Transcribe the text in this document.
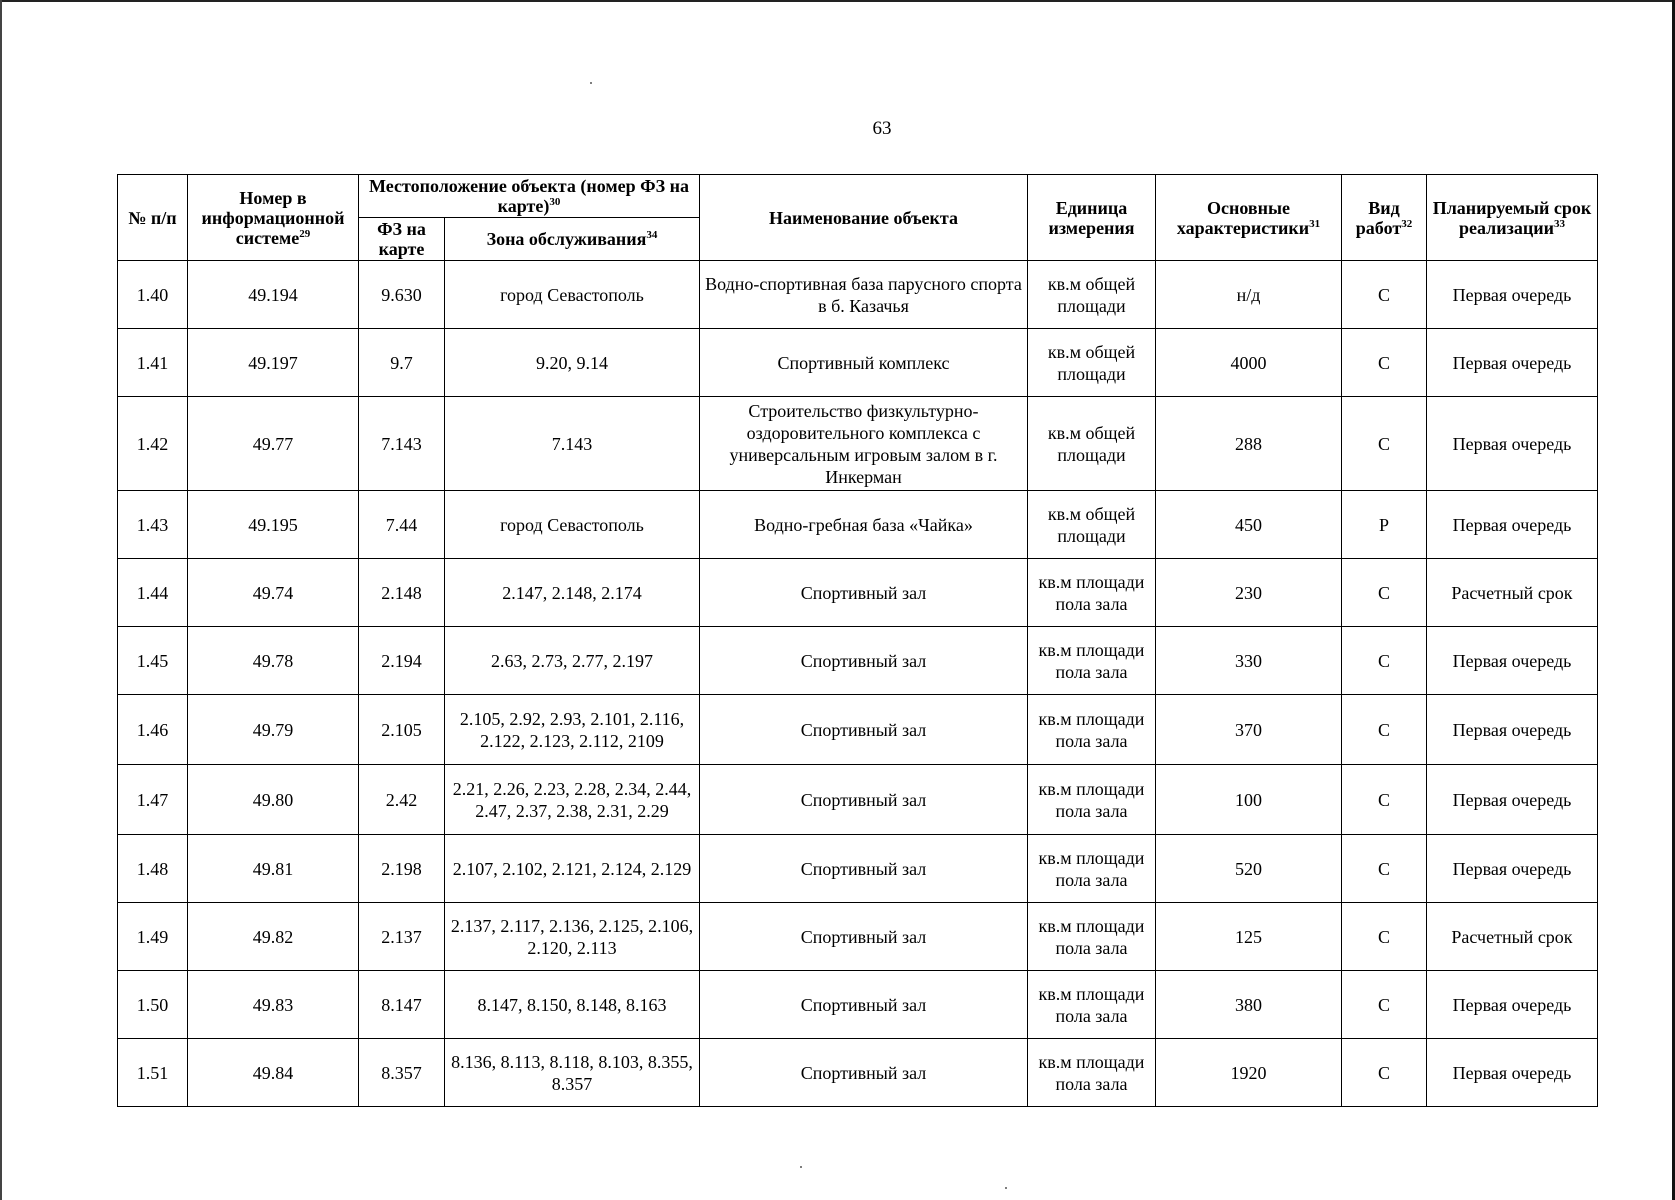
63
№ п/п	Номер в информационной системе$^{29}$	Местоположение объекта (номер ФЗ на карте)$^{30}$		Наименование объекта	Единица измерения	Основные характеристики$^{31}$	Вид работ$^{32}$	Планируемый срок реализации$^{33}$
		ФЗ на карте	Зона обслуживания$^{34}$
1.40	49.194	9.630	город Севастополь	Водно-спортивная база парусного спорта в б. Казачья	кв.м общей площади	н/д	С	Первая очередь
1.41	49.197	9.7	9.20, 9.14	Спортивный комплекс	кв.м общей площади	4000	С	Первая очередь
1.42	49.77	7.143	7.143	Строительство физкультурно-оздоровительного комплекса с универсальным игровым залом в г. Инкерман	кв.м общей площади	288	С	Первая очередь
1.43	49.195	7.44	город Севастополь	Водно-гребная база «Чайка»	кв.м общей площади	450	Р	Первая очередь
1.44	49.74	2.148	2.147, 2.148, 2.174	Спортивный зал	кв.м площади пола зала	230	С	Расчетный срок
1.45	49.78	2.194	2.63, 2.73, 2.77, 2.197	Спортивный зал	кв.м площади пола зала	330	С	Первая очередь
1.46	49.79	2.105	2.105, 2.92, 2.93, 2.101, 2.116, 2.122, 2.123, 2.112, 2109	Спортивный зал	кв.м площади пола зала	370	С	Первая очередь
1.47	49.80	2.42	2.21, 2.26, 2.23, 2.28, 2.34, 2.44, 2.47, 2.37, 2.38, 2.31, 2.29	Спортивный зал	кв.м площади пола зала	100	С	Первая очередь
1.48	49.81	2.198	2.107, 2.102, 2.121, 2.124, 2.129	Спортивный зал	кв.м площади пола зала	520	С	Первая очередь
1.49	49.82	2.137	2.137, 2.117, 2.136, 2.125, 2.106, 2.120, 2.113	Спортивный зал	кв.м площади пола зала	125	С	Расчетный срок
1.50	49.83	8.147	8.147, 8.150, 8.148, 8.163	Спортивный зал	кв.м площади пола зала	380	С	Первая очередь
1.51	49.84	8.357	8.136, 8.113, 8.118, 8.103, 8.355, 8.357	Спортивный зал	кв.м площади пола зала	1920	С	Первая очередь
